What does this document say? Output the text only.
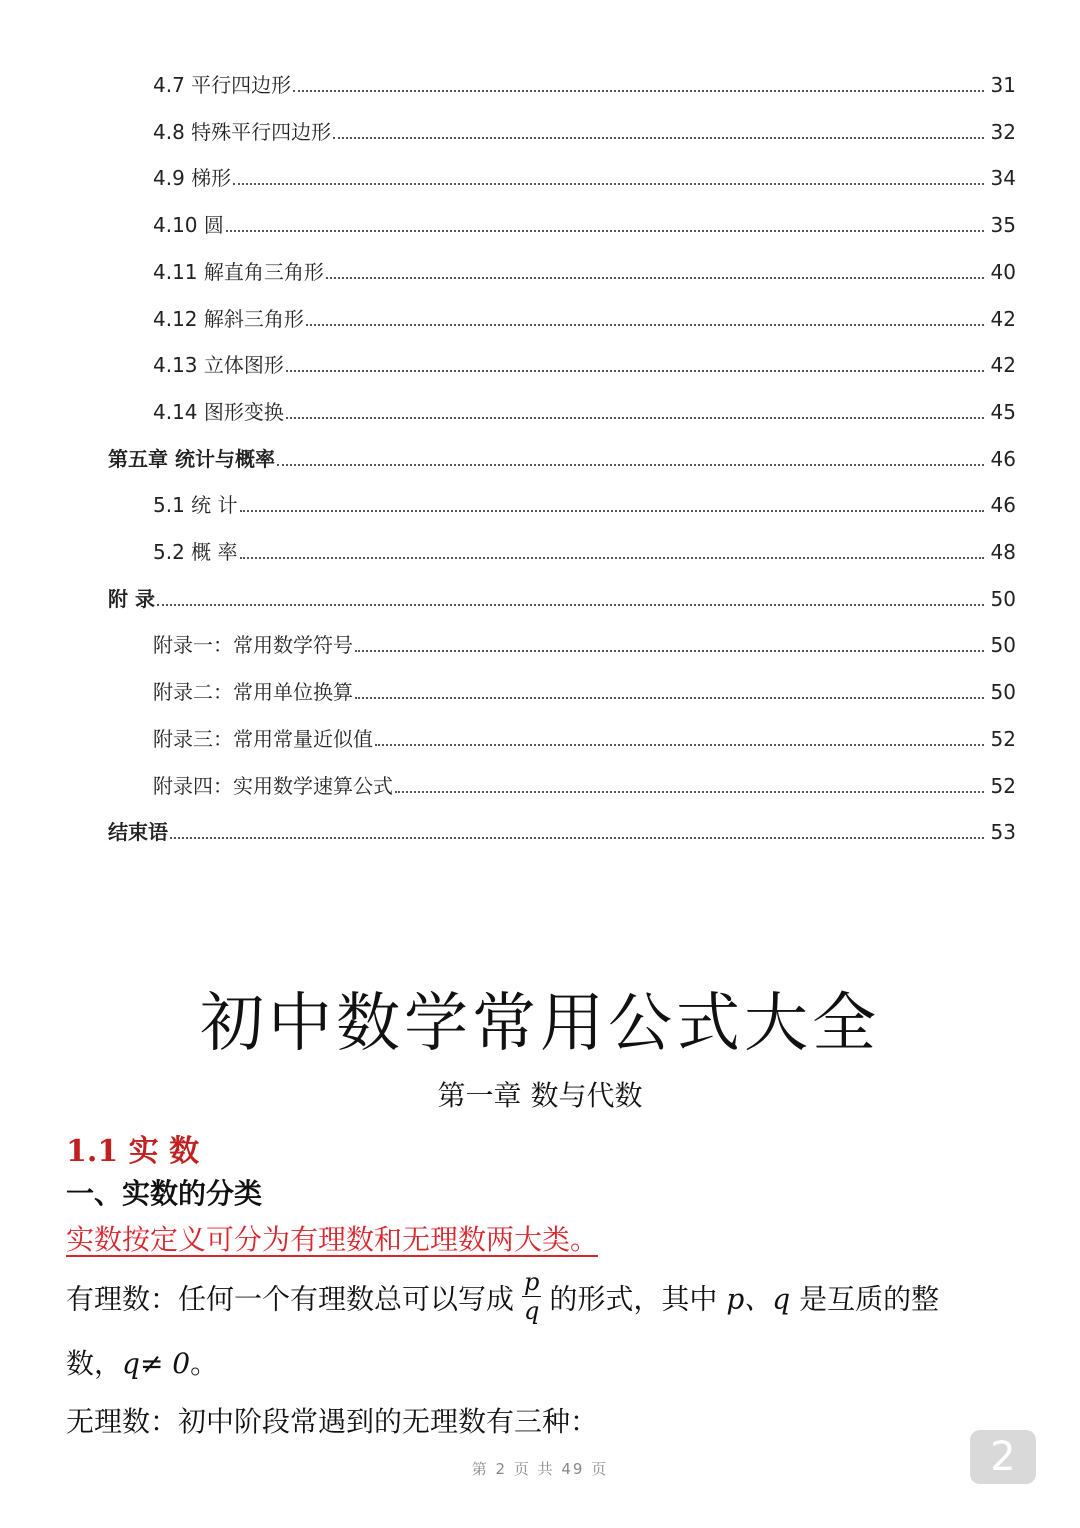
4.7 平行四边形	31
4.8 特殊平行四边形	32
4.9 梯形	34
4.10 圆	35
4.11 解直角三角形	40
4.12 解斜三角形	42
4.13 立体图形	42
4.14 图形变换	45
第五章 统计与概率	46
5.1 统 计	46
5.2 概 率	48
附 录	50
附录一：常用数学符号	50
附录二：常用单位换算	50
附录三：常用常量近似值	52
附录四：实用数学速算公式	52
结束语	53
初中数学常用公式大全
第一章 数与代数
1.1 实 数
一、实数的分类
实数按定义可分为有理数和无理数两大类。
有理数：任何一个有理数总可以写成 $\frac{p}{q}$ 的形式，其中 p、q 是互质的整
数，q≠ 0。
无理数：初中阶段常遇到的无理数有三种：
第 2 页 共 49 页	2
